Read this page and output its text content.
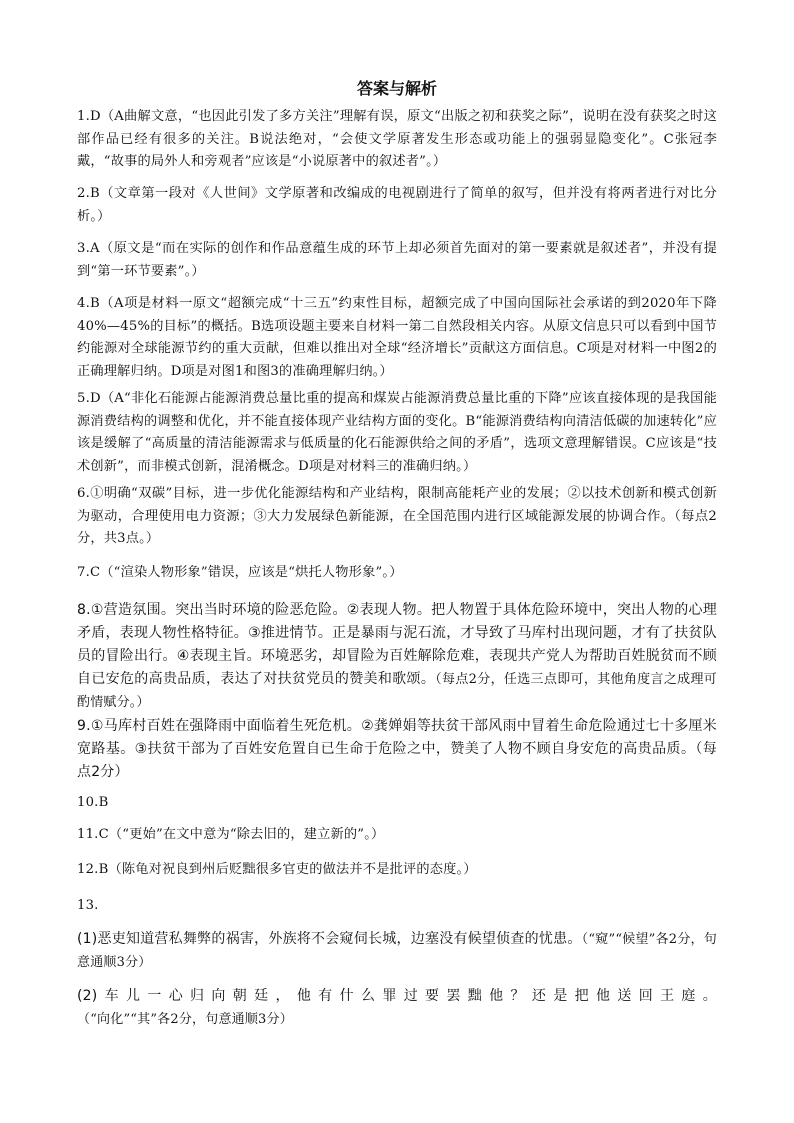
答案与解析
1.D（A曲解文意，“也因此引发了多方关注”理解有误，原文“出版之初和获奖之际”，说明在没有获奖之时这部作品已经有很多的关注。B说法绝对，“会使文学原著发生形态或功能上的强弱显隐变化”。C张冠李戴，“故事的局外人和旁观者”应该是“小说原著中的叙述者”。）
2.B（文章第一段对《人世间》文学原著和改编成的电视剧进行了简单的叙写，但并没有将两者进行对比分析。）
3.A（原文是“而在实际的创作和作品意蕴生成的环节上却必须首先面对的第一要素就是叙述者”，并没有提到“第一环节要素”。）
4.B（A项是材料一原文“超额完成“十三五”约束性目标，超额完成了中国向国际社会承诺的到2020年下降40%—45%的目标”的概括。B选项设题主要来自材料一第二自然段相关内容。从原文信息只可以看到中国节约能源对全球能源节约的重大贡献，但难以推出对全球“经济增长”贡献这方面信息。C项是对材料一中图2的正确理解归纳。D项是对图1和图3的准确理解归纳。）
5.D（A“非化石能源占能源消费总量比重的提高和煤炭占能源消费总量比重的下降”应该直接体现的是我国能源消费结构的调整和优化，并不能直接体现产业结构方面的变化。B“能源消费结构向清洁低碳的加速转化”应该是缓解了“高质量的清洁能源需求与低质量的化石能源供给之间的矛盾”，选项文意理解错误。C应该是“技术创新”，而非模式创新，混淆概念。D项是对材料三的准确归纳。）
6.①明确“双碳”目标，进一步优化能源结构和产业结构，限制高能耗产业的发展；②以技术创新和模式创新为驱动，合理使用电力资源；③大力发展绿色新能源，在全国范围内进行区域能源发展的协调合作。（每点2分，共3点。）
7.C（“渲染人物形象”错误，应该是“烘托人物形象”。）
8.①营造氛围。突出当时环境的险恶危险。②表现人物。把人物置于具体危险环境中，突出人物的心理矛盾，表现人物性格特征。③推进情节。正是暴雨与泥石流，才导致了马库村出现问题，才有了扶贫队员的冒险出行。④表现主旨。环境恶劣，却冒险为百姓解除危难，表现共产党人为帮助百姓脱贫而不顾自已安危的高贵品质，表达了对扶贫党员的赞美和歌颂。（每点2分，任选三点即可，其他角度言之成理可酌情赋分。）
9.①马库村百姓在强降雨中面临着生死危机。②龚婵娟等扶贫干部风雨中冒着生命危险通过七十多厘米宽路基。③扶贫干部为了百姓安危置自已生命于危险之中，赞美了人物不顾自身安危的高贵品质。（每点2分）
10.B
11.C（“更始”在文中意为“除去旧的，建立新的”。）
12.B（陈龟对祝良到州后贬黜很多官吏的做法并不是批评的态度。）
13.
(1)恶吏知道营私舞弊的祸害，外族将不会窥伺长城，边塞没有候望侦查的忧患。（“窥”“候望”各2分，句意通顺3分）
(2)车儿一心归向朝廷，他有什么罪过要罢黜他？还是把他送回王庭。（“向化”“其”各2分，句意通顺3分）
